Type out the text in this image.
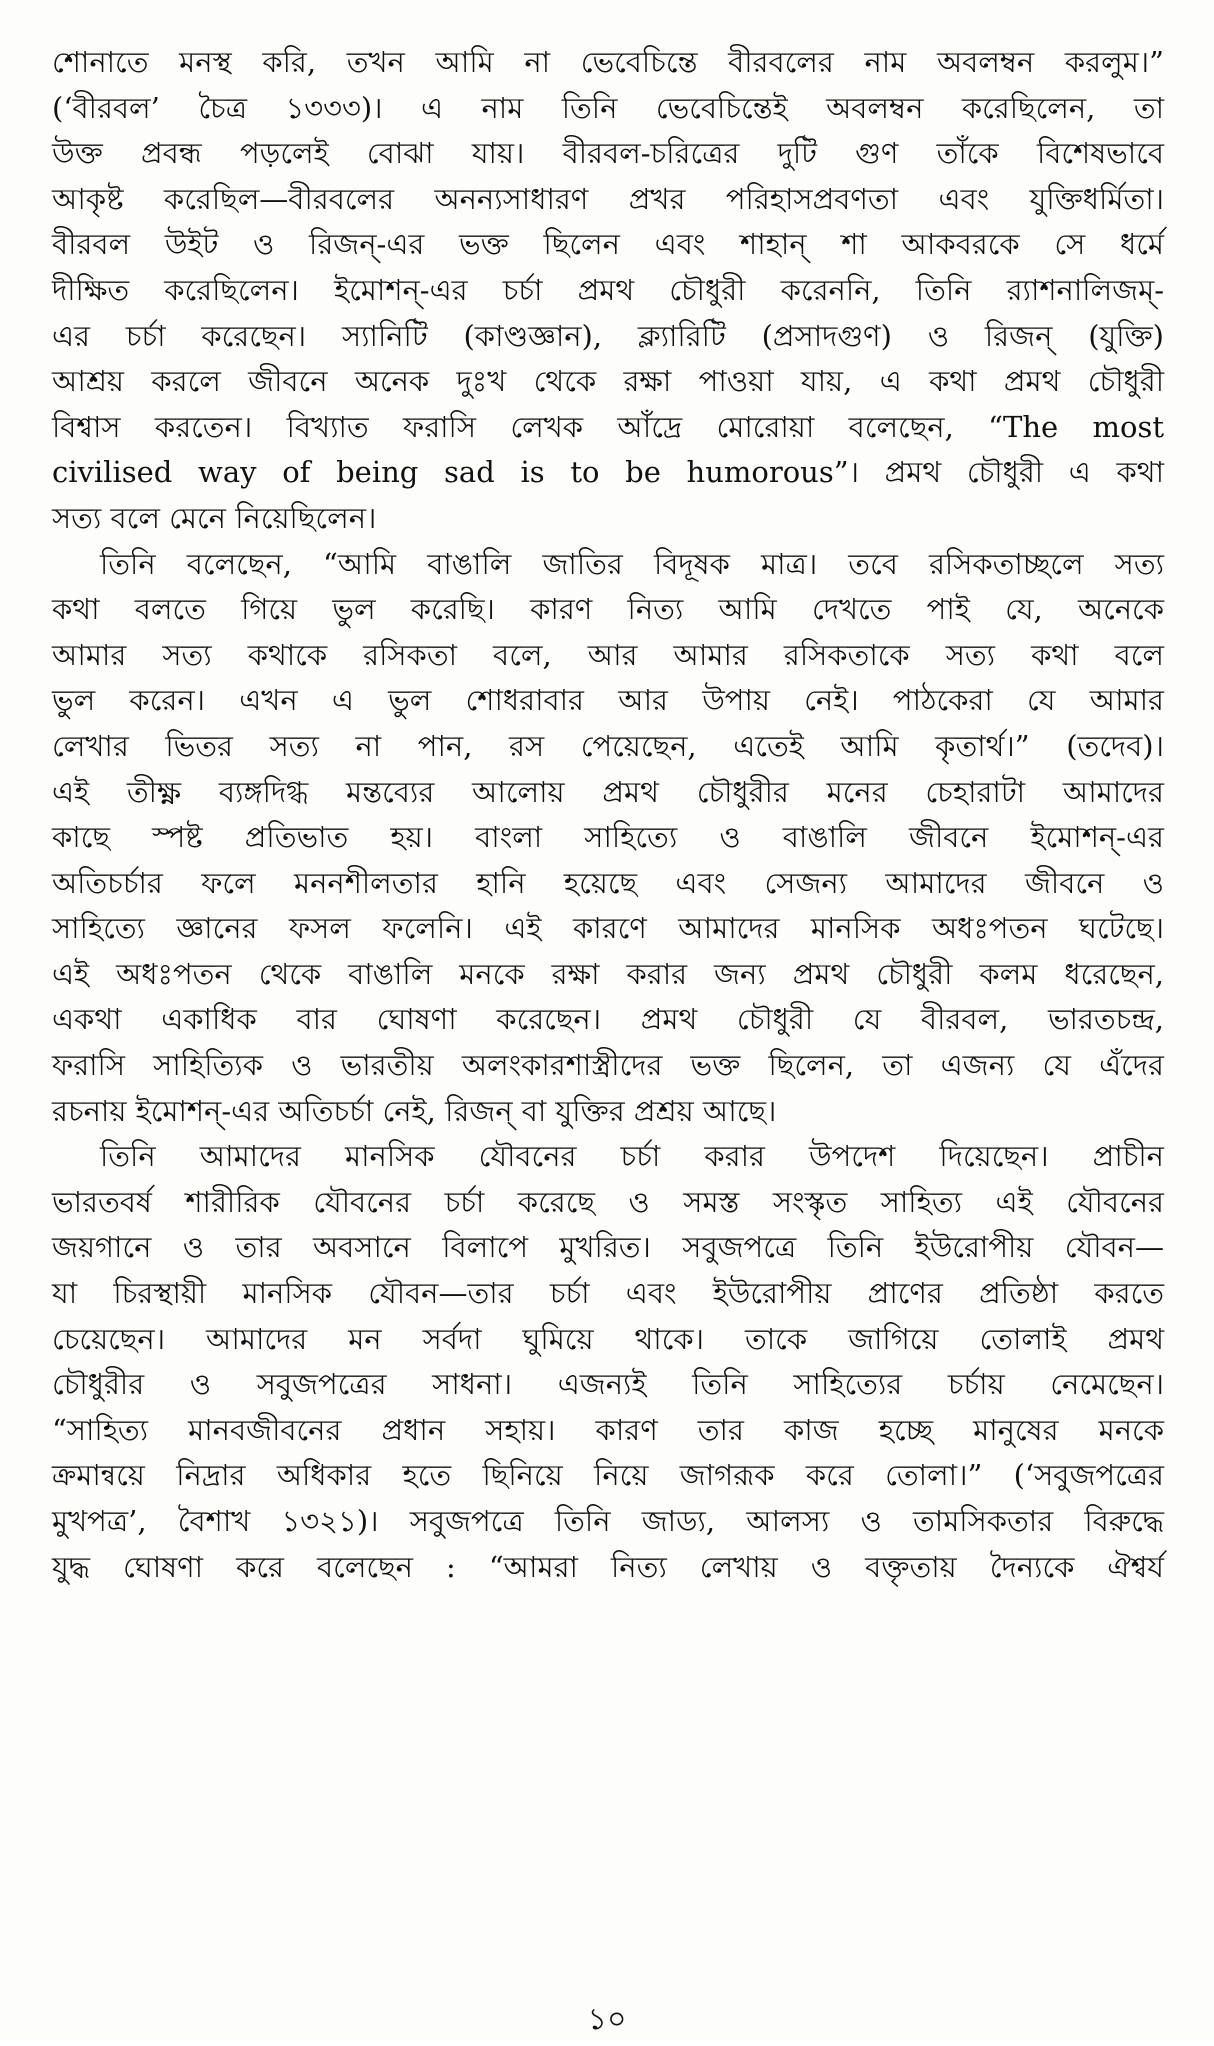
শোনাতে মনস্থ করি, তখন আমি না ভেবেচিন্তে বীরবলের নাম অবলম্বন করলুম।”
(‘বীরবল’ চৈত্র ১৩৩৩)। এ নাম তিনি ভেবেচিন্তেই অবলম্বন করেছিলেন, তা
উক্ত প্রবন্ধ পড়লেই বোঝা যায়। বীরবল-চরিত্রের দুটি গুণ তাঁকে বিশেষভাবে
আকৃষ্ট করেছিল—বীরবলের অনন্যসাধারণ প্রখর পরিহাসপ্রবণতা এবং যুক্তিধর্মিতা।
বীরবল উইট ও রিজন্-এর ভক্ত ছিলেন এবং শাহান্ শা আকবরকে সে ধর্মে
দীক্ষিত করেছিলেন। ইমোশন্-এর চর্চা প্রমথ চৌধুরী করেননি, তিনি র‍্যাশনালিজম্-
এর চর্চা করেছেন। স্যানিটি (কাণ্ডজ্ঞান), ক্ল্যারিটি (প্রসাদগুণ) ও রিজন্ (যুক্তি)
আশ্রয় করলে জীবনে অনেক দুঃখ থেকে রক্ষা পাওয়া যায়, এ কথা প্রমথ চৌধুরী
বিশ্বাস করতেন। বিখ্যাত ফরাসি লেখক আঁদ্রে মোরোয়া বলেছেন, “The most
civilised way of being sad is to be humorous”। প্রমথ চৌধুরী এ কথা
সত্য বলে মেনে নিয়েছিলেন।
তিনি বলেছেন, “আমি বাঙালি জাতির বিদূষক মাত্র। তবে রসিকতাচ্ছলে সত্য
কথা বলতে গিয়ে ভুল করেছি। কারণ নিত্য আমি দেখতে পাই যে, অনেকে
আমার সত্য কথাকে রসিকতা বলে, আর আমার রসিকতাকে সত্য কথা বলে
ভুল করেন। এখন এ ভুল শোধরাবার আর উপায় নেই। পাঠকেরা যে আমার
লেখার ভিতর সত্য না পান, রস পেয়েছেন, এতেই আমি কৃতার্থ।” (তদেব)।
এই তীক্ষ্ণ ব্যঙ্গদিগ্ধ মন্তব্যের আলোয় প্রমথ চৌধুরীর মনের চেহারাটা আমাদের
কাছে স্পষ্ট প্রতিভাত হয়। বাংলা সাহিত্যে ও বাঙালি জীবনে ইমোশন্-এর
অতিচর্চার ফলে মননশীলতার হানি হয়েছে এবং সেজন্য আমাদের জীবনে ও
সাহিত্যে জ্ঞানের ফসল ফলেনি। এই কারণে আমাদের মানসিক অধঃপতন ঘটেছে।
এই অধঃপতন থেকে বাঙালি মনকে রক্ষা করার জন্য প্রমথ চৌধুরী কলম ধরেছেন,
একথা একাধিক বার ঘোষণা করেছেন। প্রমথ চৌধুরী যে বীরবল, ভারতচন্দ্র,
ফরাসি সাহিত্যিক ও ভারতীয় অলংকারশাস্ত্রীদের ভক্ত ছিলেন, তা এজন্য যে এঁদের
রচনায় ইমোশন্-এর অতিচর্চা নেই, রিজন্ বা যুক্তির প্রশ্রয় আছে।
তিনি আমাদের মানসিক যৌবনের চর্চা করার উপদেশ দিয়েছেন। প্রাচীন
ভারতবর্ষ শারীরিক যৌবনের চর্চা করেছে ও সমস্ত সংস্কৃত সাহিত্য এই যৌবনের
জয়গানে ও তার অবসানে বিলাপে মুখরিত। সবুজপত্রে তিনি ইউরোপীয় যৌবন—
যা চিরস্থায়ী মানসিক যৌবন—তার চর্চা এবং ইউরোপীয় প্রাণের প্রতিষ্ঠা করতে
চেয়েছেন। আমাদের মন সর্বদা ঘুমিয়ে থাকে। তাকে জাগিয়ে তোলাই প্রমথ
চৌধুরীর ও সবুজপত্রের সাধনা। এজন্যই তিনি সাহিত্যের চর্চায় নেমেছেন।
“সাহিত্য মানবজীবনের প্রধান সহায়। কারণ তার কাজ হচ্ছে মানুষের মনকে
ক্রমান্বয়ে নিদ্রার অধিকার হতে ছিনিয়ে নিয়ে জাগরূক করে তোলা।” (‘সবুজপত্রের
মুখপত্র’, বৈশাখ ১৩২১)। সবুজপত্রে তিনি জাড্য, আলস্য ও তামসিকতার বিরুদ্ধে
যুদ্ধ ঘোষণা করে বলেছেন : “আমরা নিত্য লেখায় ও বক্তৃতায় দৈন্যকে ঐশ্বর্য
১০
